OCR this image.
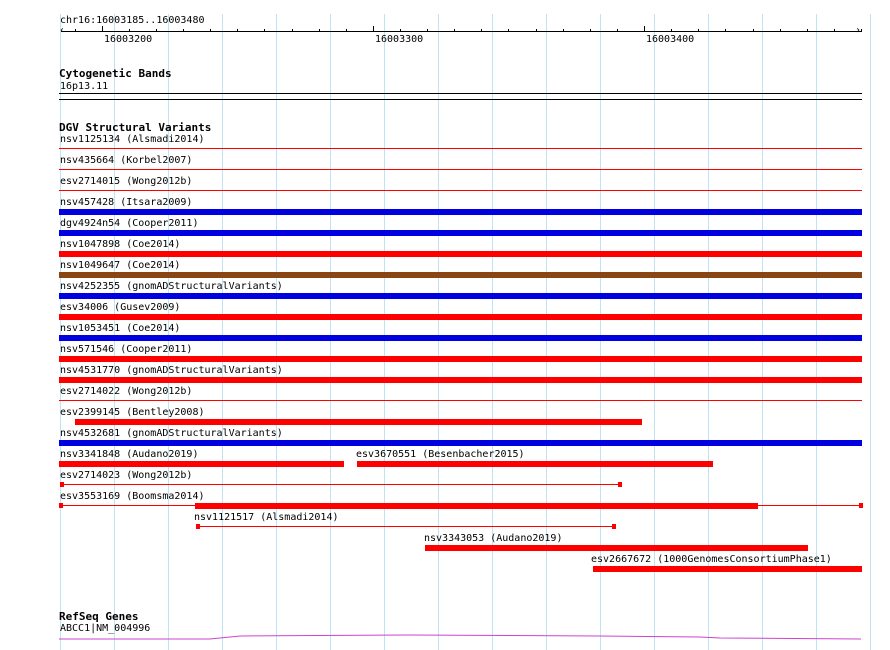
chr16:16003185..16003480
‹	›
16003200	16003300	16003400
Cytogenetic Bands
16p13.11
DGV Structural Variants
nsv1125134 (Alsmadi2014)
nsv435664 (Korbel2007)
esv2714015 (Wong2012b)
nsv457428 (Itsara2009)
dgv4924n54 (Cooper2011)
nsv1047898 (Coe2014)
nsv1049647 (Coe2014)
nsv4252355 (gnomADStructuralVariants)
esv34006 (Gusev2009)
nsv1053451 (Coe2014)
nsv571546 (Cooper2011)
nsv4531770 (gnomADStructuralVariants)
esv2714022 (Wong2012b)
esv2399145 (Bentley2008)
nsv4532681 (gnomADStructuralVariants)
nsv3341848 (Audano2019)	esv3670551 (Besenbacher2015)
esv2714023 (Wong2012b)
esv3553169 (Boomsma2014)
nsv1121517 (Alsmadi2014)
nsv3343053 (Audano2019)
esv2667672 (1000GenomesConsortiumPhase1)
RefSeq Genes
ABCC1|NM_004996
